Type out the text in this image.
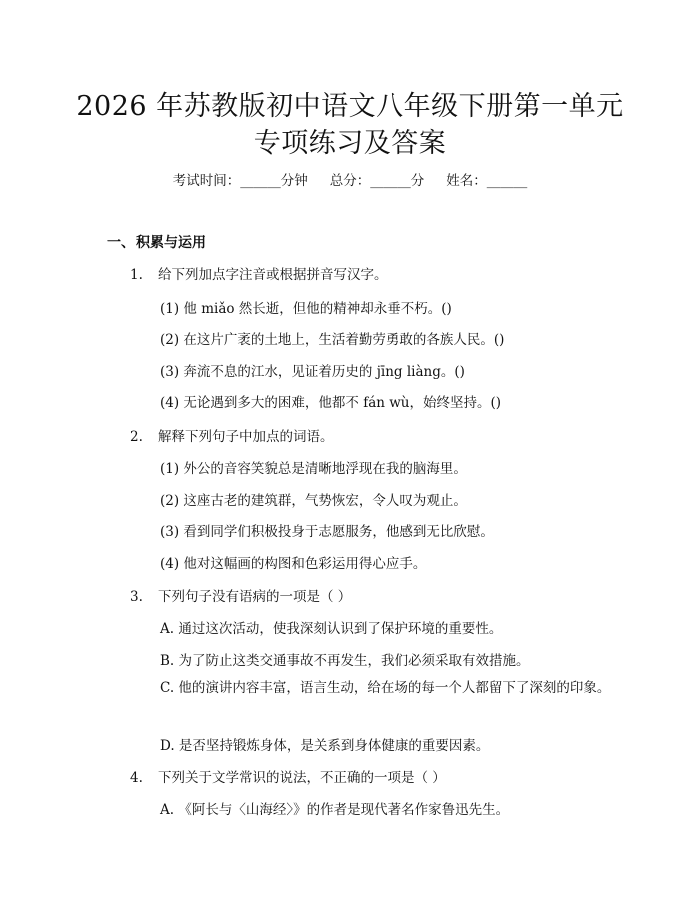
2026 年苏教版初中语文八年级下册第一单元
专项练习及答案
考试时间：______分钟 总分：______分 姓名：______
一、积累与运用
1. 给下列加点字注音或根据拼音写汉字。
(1) 他 miǎo 然长逝，但他的精神却永垂不朽。()
(2) 在这片广袤的土地上，生活着勤劳勇敢的各族人民。()
(3) 奔流不息的江水，见证着历史的 jīng liàng。()
(4) 无论遇到多大的困难，他都不 fán wù，始终坚持。()
2. 解释下列句子中加点的词语。
(1) 外公的音容笑貌总是清晰地浮现在我的脑海里。
(2) 这座古老的建筑群，气势恢宏，令人叹为观止。
(3) 看到同学们积极投身于志愿服务，他感到无比欣慰。
(4) 他对这幅画的构图和色彩运用得心应手。
3. 下列句子没有语病的一项是（ ）
A. 通过这次活动，使我深刻认识到了保护环境的重要性。
B. 为了防止这类交通事故不再发生，我们必须采取有效措施。
C. 他的演讲内容丰富，语言生动，给在场的每一个人都留下了深刻的印象。
D. 是否坚持锻炼身体，是关系到身体健康的重要因素。
4. 下列关于文学常识的说法，不正确的一项是（ ）
A. 《阿长与〈山海经〉》的作者是现代著名作家鲁迅先生。
